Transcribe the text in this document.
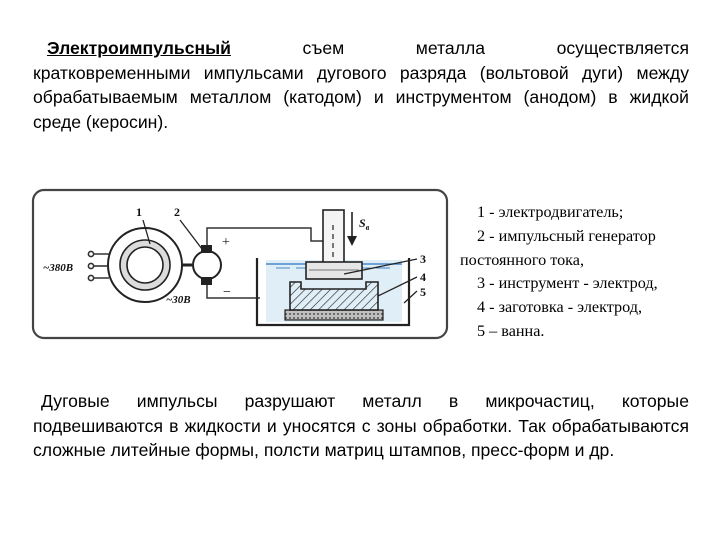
Электроимпульсный	съем металла осуществляется
кратковременными импульсами дугового разряда (вольтовой дуги) между обрабатываемым металлом (катодом) и инструментом (анодом) в жидкой среде (керосин).

1	2
3
4
5
+
−
~380В
~30В
$S_в$
1 - электродвигатель;
2 - импульсный генератор
постоянного тока,
3 - инструмент - электрод,
4 - заготовка - электрод,
5 – ванна.

Дуговые импульсы разрушают металл в микрочастиц, которые подвешиваются в жидкости и уносятся с зоны обработки. Так обрабатываются сложные литейные формы, полсти матриц штампов, пресс-форм и др.
